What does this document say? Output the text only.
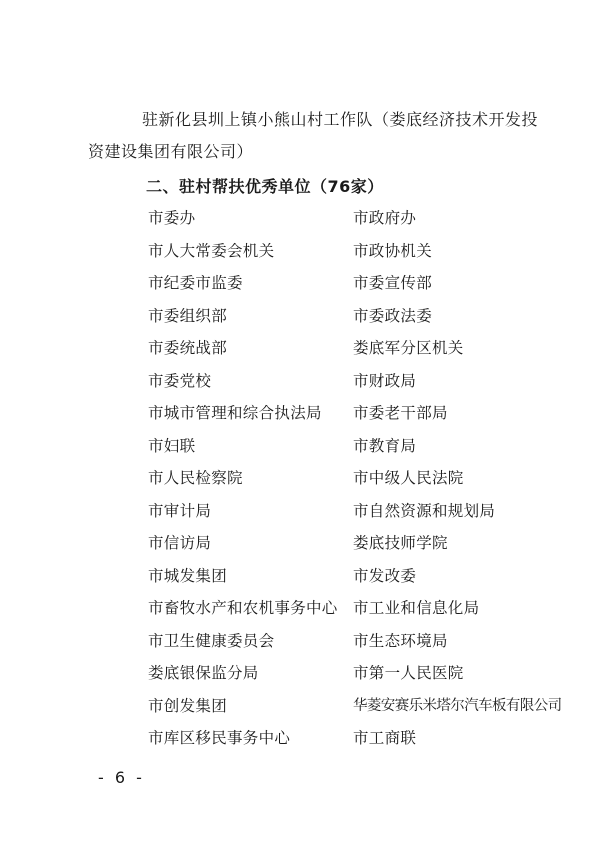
驻新化县圳上镇小熊山村工作队（娄底经济技术开发投
资建设集团有限公司）
二、驻村帮扶优秀单位（76家）
市委办	市政府办
市人大常委会机关	市政协机关
市纪委市监委	市委宣传部
市委组织部	市委政法委
市委统战部	娄底军分区机关
市委党校	市财政局
市城市管理和综合执法局 市委老干部局
市妇联	市教育局
市人民检察院	市中级人民法院
市审计局	市自然资源和规划局
市信访局	娄底技师学院
市城发集团	市发改委
市畜牧水产和农机事务中心 市工业和信息化局
市卫生健康委员会	市生态环境局
娄底银保监分局	市第一人民医院
市创发集团	华菱安赛乐米塔尔汽车板有限公司
市库区移民事务中心	市工商联
- 6 -
